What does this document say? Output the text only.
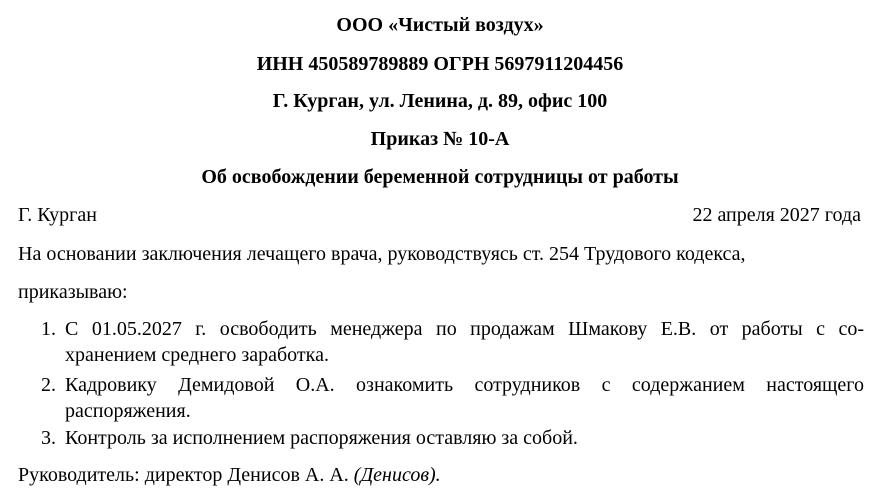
ООО «Чистый воздух»
ИНН 450589789889 ОГРН 5697911204456
Г. Курган, ул. Ленина, д. 89, офис 100
Приказ № 10-А
Об освобождении беременной сотрудницы от работы
Г. Курган	22 апреля 2027 года
На основании заключения лечащего врача, руководствуясь ст. 254 Трудового кодекса,
приказываю:
1. С 01.05.2027 г. освободить менеджера по продажам Шмакову Е.В. от работы с со-
хранением среднего заработка.
2. Кадровику Демидовой О.А. ознакомить сотрудников с содержанием настоящего
распоряжения.
3. Контроль за исполнением распоряжения оставляю за собой.
Руководитель: директор Денисов А. А. (Денисов).
